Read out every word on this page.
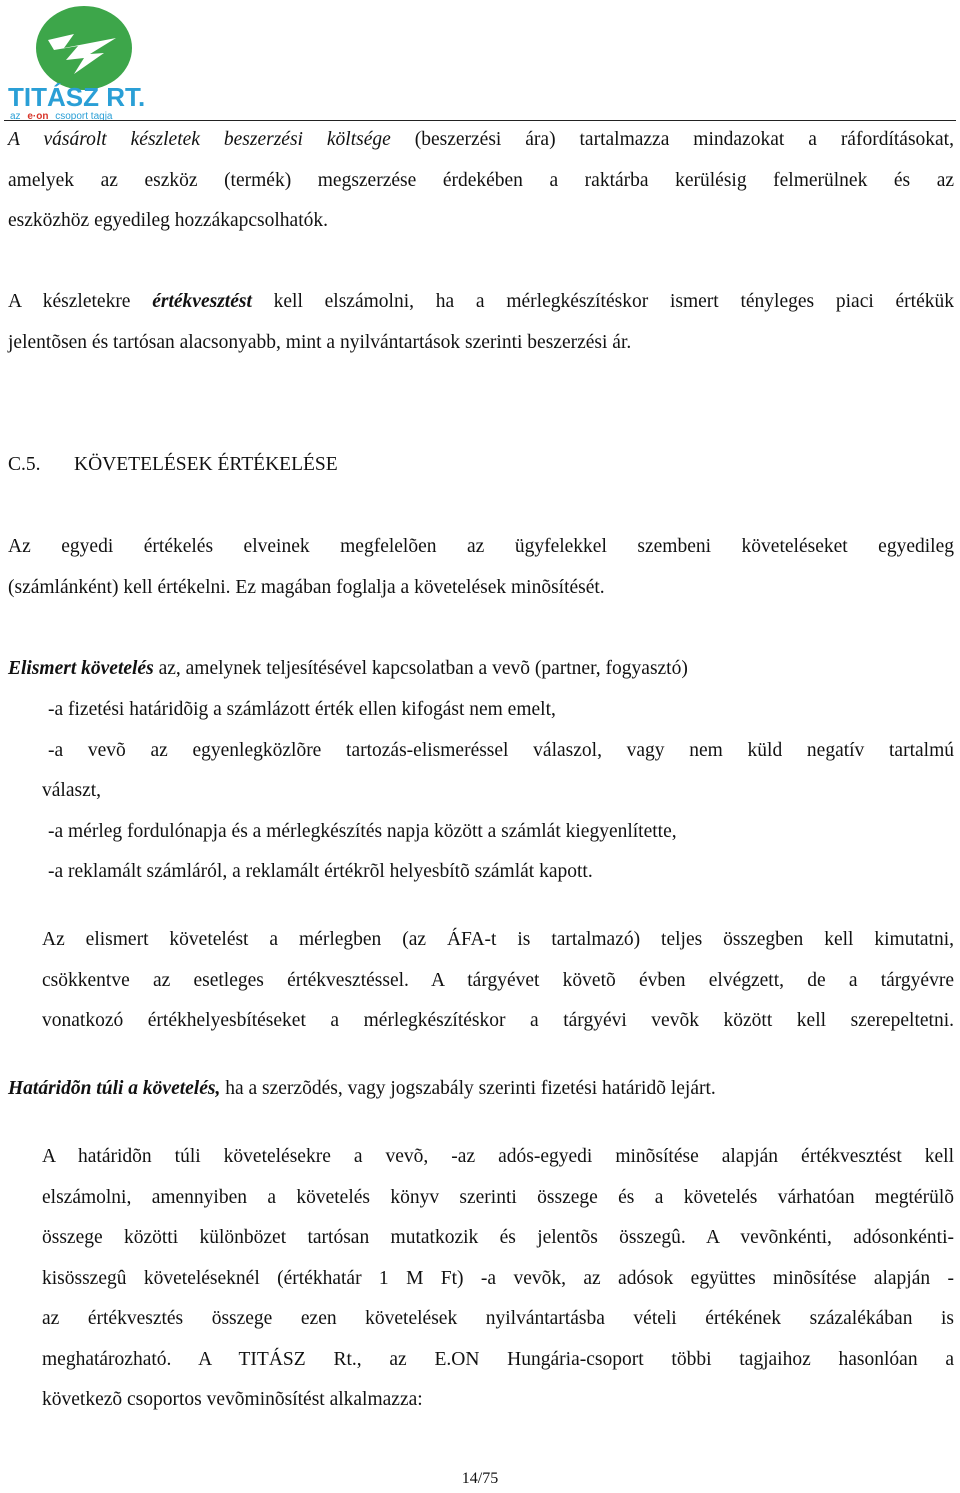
TITÁSZ RT.
az e·on csoport tagja
A vásárolt készletek beszerzési költsége (beszerzési ára) tartalmazza mindazokat a ráfordításokat,
amelyek az eszköz (termék) megszerzése érdekében a raktárba kerülésig felmerülnek és az
eszközhöz egyedileg hozzákapcsolhatók.
A készletekre értékvesztést kell elszámolni, ha a mérlegkészítéskor ismert tényleges piaci értékük
jelentõsen és tartósan alacsonyabb, mint a nyilvántartások szerinti beszerzési ár.
C.5. KÖVETELÉSEK ÉRTÉKELÉSE
Az egyedi értékelés elveinek megfelelõen az ügyfelekkel szembeni követeléseket egyedileg
(számlánként) kell értékelni. Ez magában foglalja a követelések minõsítését.
Elismert követelés az, amelynek teljesítésével kapcsolatban a vevõ (partner, fogyasztó)
-a fizetési határidõig a számlázott érték ellen kifogást nem emelt,
-a vevõ az egyenlegközlõre tartozás-elismeréssel válaszol, vagy nem küld negatív tartalmú
választ,
-a mérleg fordulónapja és a mérlegkészítés napja között a számlát kiegyenlítette,
-a reklamált számláról, a reklamált értékrõl helyesbítõ számlát kapott.
Az elismert követelést a mérlegben (az ÁFA-t is tartalmazó) teljes összegben kell kimutatni,
csökkentve az esetleges értékvesztéssel. A tárgyévet követõ évben elvégzett, de a tárgyévre
vonatkozó értékhelyesbítéseket a mérlegkészítéskor a tárgyévi vevõk között kell szerepeltetni.
Határidõn túli a követelés, ha a szerzõdés, vagy jogszabály szerinti fizetési határidõ lejárt.
A határidõn túli követelésekre a vevõ, -az adós-egyedi minõsítése alapján értékvesztést kell
elszámolni, amennyiben a követelés könyv szerinti összege és a követelés várhatóan megtérülõ
összege közötti különbözet tartósan mutatkozik és jelentõs összegû. A vevõnkénti, adósonkénti-
kisösszegû követeléseknél (értékhatár 1 M Ft) -a vevõk, az adósok együttes minõsítése alapján -
az értékvesztés összege ezen követelések nyilvántartásba vételi értékének százalékában is
meghatározható. A TITÁSZ Rt., az E.ON Hungária-csoport többi tagjaihoz hasonlóan a
következõ csoportos vevõminõsítést alkalmazza:
14/75
